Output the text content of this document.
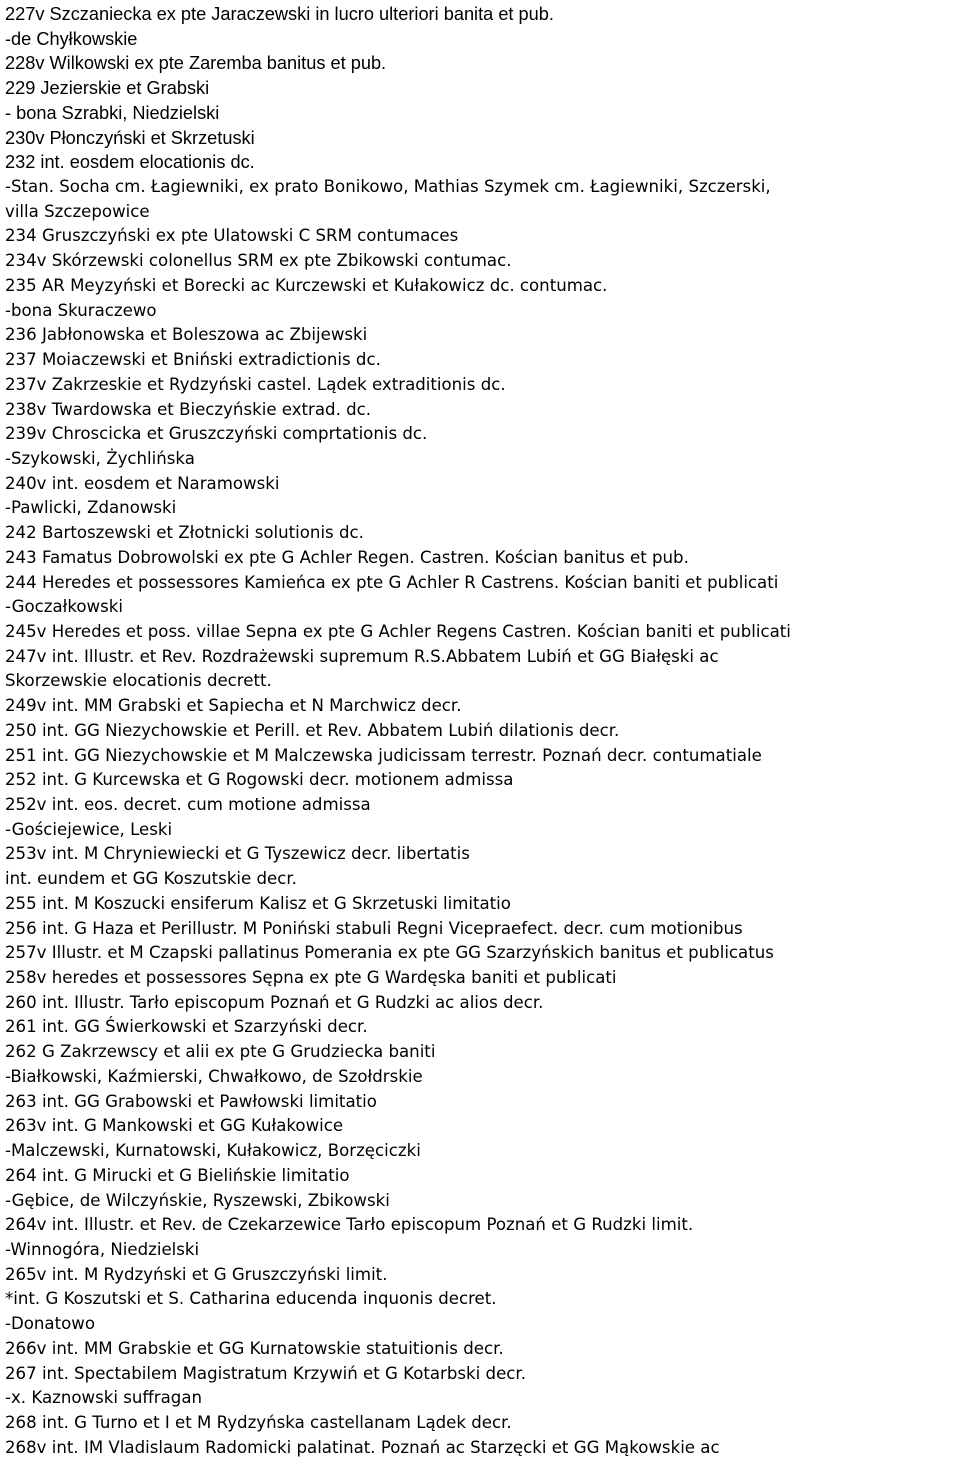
227v Szczaniecka ex pte Jaraczewski in lucro ulteriori banita et pub.
-de Chyłkowskie
228v Wilkowski ex pte Zaremba banitus et pub.
229 Jezierskie et Grabski
- bona Szrabki, Niedzielski
230v Płonczyński et Skrzetuski
232 int. eosdem elocationis dc.
-Stan. Socha cm. Łagiewniki, ex prato Bonikowo, Mathias Szymek cm. Łagiewniki, Szczerski,
villa Szczepowice
234 Gruszczyński ex pte Ulatowski C SRM contumaces
234v Skórzewski colonellus SRM ex pte Zbikowski contumac.
235 AR Meyzyński et Borecki ac Kurczewski et Kułakowicz dc. contumac.
-bona Skuraczewo
236 Jabłonowska et Boleszowa ac Zbijewski
237 Moiaczewski et Bniński extradictionis dc.
237v Zakrzeskie et Rydzyński castel. Lądek extraditionis dc.
238v Twardowska et Bieczyńskie extrad. dc.
239v Chroscicka et Gruszczyński comprtationis dc.
-Szykowski, Żychlińska
240v int. eosdem et Naramowski
-Pawlicki, Zdanowski
242 Bartoszewski et Złotnicki solutionis dc.
243 Famatus Dobrowolski ex pte G Achler Regen. Castren. Kościan banitus et pub.
244 Heredes et possessores Kamieńca ex pte G Achler R Castrens. Kościan baniti et publicati
-Goczałkowski
245v Heredes et poss. villae Sepna ex pte G Achler Regens Castren. Kościan baniti et publicati
247v int. Illustr. et Rev. Rozdrażewski supremum R.S.Abbatem Lubiń et GG Białęski ac
Skorzewskie elocationis decrett.
249v int. MM Grabski et Sapiecha et N Marchwicz decr.
250 int. GG Niezychowskie et Perill. et Rev. Abbatem Lubiń dilationis decr.
251 int. GG Niezychowskie et M Malczewska judicissam terrestr. Poznań decr. contumatiale
252 int. G Kurcewska et G Rogowski decr. motionem admissa
252v int. eos. decret. cum motione admissa
-Gościejewice, Leski
253v int. M Chryniewiecki et G Tyszewicz decr. libertatis
int. eundem et GG Koszutskie decr.
255 int. M Koszucki ensiferum Kalisz et G Skrzetuski limitatio
256 int. G Haza et Perillustr. M Poniński stabuli Regni Vicepraefect. decr. cum motionibus
257v Illustr. et M Czapski pallatinus Pomerania ex pte GG Szarzyńskich banitus et publicatus
258v heredes et possessores Sępna ex pte G Wardęska baniti et publicati
260 int. Illustr. Tarło episcopum Poznań et G Rudzki ac alios decr.
261 int. GG Świerkowski et Szarzyński decr.
262 G Zakrzewscy et alii ex pte G Grudziecka baniti
-Białkowski, Kaźmierski, Chwałkowo, de Szołdrskie
263 int. GG Grabowski et Pawłowski limitatio
263v int. G Mankowski et GG Kułakowice
-Malczewski, Kurnatowski, Kułakowicz, Borzęciczki
264 int. G Mirucki et G Bielińskie limitatio
-Gębice, de Wilczyńskie, Ryszewski, Zbikowski
264v int. Illustr. et Rev. de Czekarzewice Tarło episcopum Poznań et G Rudzki limit.
-Winnogóra, Niedzielski
265v int. M Rydzyński et G Gruszczyński limit.
*int. G Koszutski et S. Catharina educenda inquonis decret.
-Donatowo
266v int. MM Grabskie et GG Kurnatowskie statuitionis decr.
267 int. Spectabilem Magistratum Krzywiń et G Kotarbski decr.
-x. Kaznowski suffragan
268 int. G Turno et I et M Rydzyńska castellanam Lądek decr.
268v int. IM Vladislaum Radomicki palatinat. Poznań ac Starzęcki et GG Mąkowskie ac
